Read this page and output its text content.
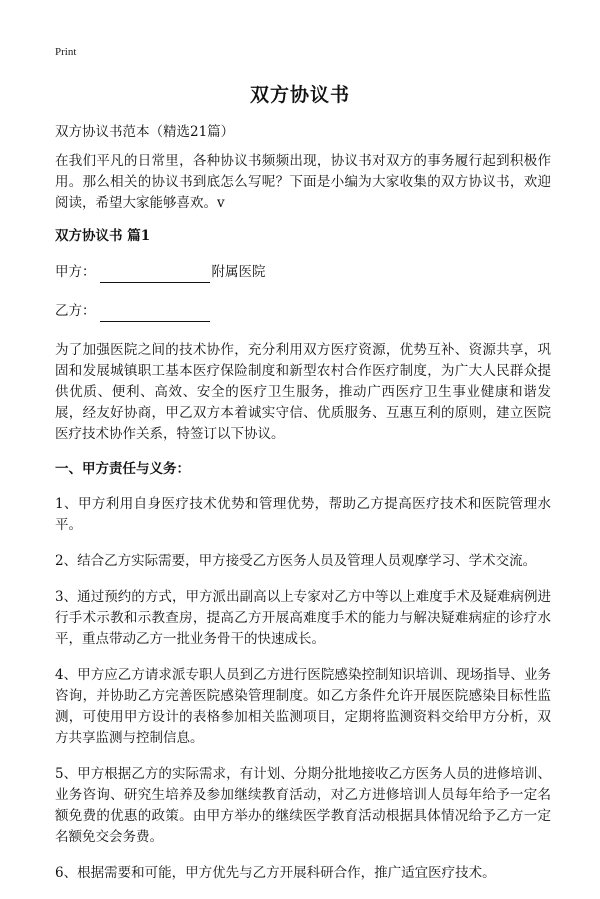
Print
双方协议书

双方协议书范本（精选21篇）

在我们平凡的日常里，各种协议书频频出现，协议书对双方的事务履行起到积极作用。那么相关的协议书到底怎么写呢？下面是小编为大家收集的双方协议书，欢迎阅读，希望大家能够喜欢。v

双方协议书 篇1

甲方：	附属医院

乙方：

为了加强医院之间的技术协作，充分利用双方医疗资源，优势互补、资源共享，巩固和发展城镇职工基本医疗保险制度和新型农村合作医疗制度，为广大人民群众提供优质、便利、高效、安全的医疗卫生服务，推动广西医疗卫生事业健康和谐发展，经友好协商，甲乙双方本着诚实守信、优质服务、互惠互利的原则，建立医院医疗技术协作关系，特签订以下协议。

一、甲方责任与义务：

1、甲方利用自身医疗技术优势和管理优势，帮助乙方提高医疗技术和医院管理水平。

2、结合乙方实际需要，甲方接受乙方医务人员及管理人员观摩学习、学术交流。

3、通过预约的方式，甲方派出副高以上专家对乙方中等以上难度手术及疑难病例进行手术示教和示教查房，提高乙方开展高难度手术的能力与解决疑难病症的诊疗水平，重点带动乙方一批业务骨干的快速成长。

4、甲方应乙方请求派专职人员到乙方进行医院感染控制知识培训、现场指导、业务咨询，并协助乙方完善医院感染管理制度。如乙方条件允许开展医院感染目标性监测，可使用甲方设计的表格参加相关监测项目，定期将监测资料交给甲方分析，双方共享监测与控制信息。

5、甲方根据乙方的实际需求，有计划、分期分批地接收乙方医务人员的进修培训、业务咨询、研究生培养及参加继续教育活动，对乙方进修培训人员每年给予一定名额免费的优惠的政策。由甲方举办的继续医学教育活动根据具体情况给予乙方一定名额免交会务费。

6、根据需要和可能，甲方优先与乙方开展科研合作，推广适宜医疗技术。
